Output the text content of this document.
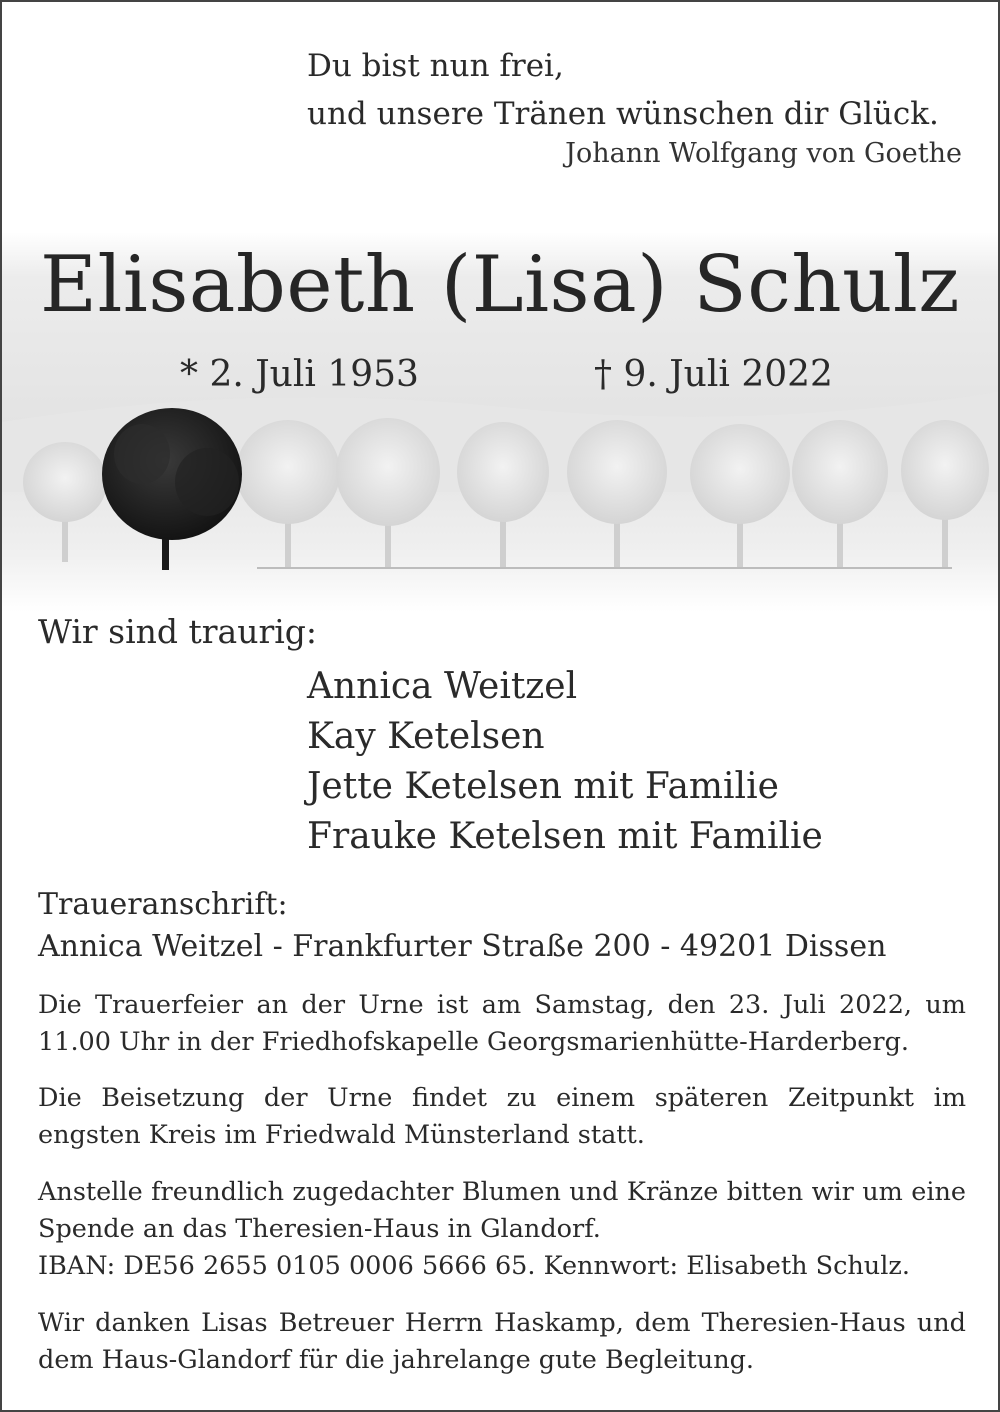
Du bist nun frei,
und unsere Tränen wünschen dir Glück.
Johann Wolfgang von Goethe
Elisabeth (Lisa) Schulz
* 2. Juli 1953	† 9. Juli 2022
Wir sind traurig:
Annica Weitzel
Kay Ketelsen
Jette Ketelsen mit Familie
Frauke Ketelsen mit Familie
Traueranschrift:
Annica Weitzel - Frankfurter Straße 200 - 49201 Dissen
Die Trauerfeier an der Urne ist am Samstag, den 23. Juli 2022, um 11.00 Uhr in der Friedhofskapelle Georgsmarienhütte-Harderberg.
Die Beisetzung der Urne findet zu einem späteren Zeitpunkt im engsten Kreis im Friedwald Münsterland statt.
Anstelle freundlich zugedachter Blumen und Kränze bitten wir um eine Spende an das Theresien-Haus in Glandorf.
IBAN: DE56 2655 0105 0006 5666 65. Kennwort: Elisabeth Schulz.
Wir danken Lisas Betreuer Herrn Haskamp, dem Theresien-Haus und dem Haus-Glandorf für die jahrelange gute Begleitung.
